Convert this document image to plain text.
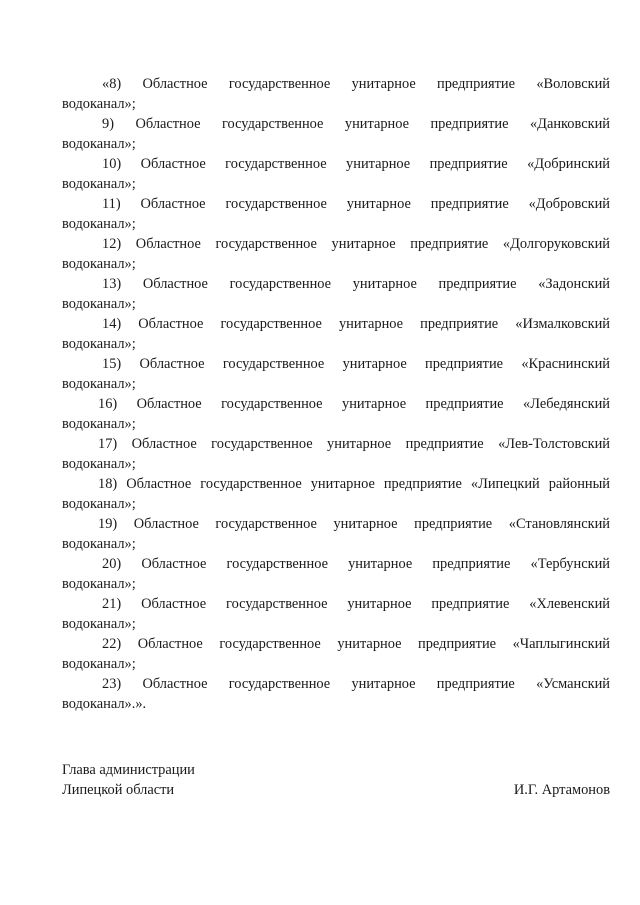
«8) Областное государственное унитарное предприятие «Воловский
водоканал»;
9) Областное государственное унитарное предприятие «Данковский
водоканал»;
10) Областное государственное унитарное предприятие «Добринский
водоканал»;
11) Областное государственное унитарное предприятие «Добровский
водоканал»;
12) Областное государственное унитарное предприятие «Долгоруковский
водоканал»;
13) Областное государственное унитарное предприятие «Задонский
водоканал»;
14) Областное государственное унитарное предприятие «Измалковский
водоканал»;
15) Областное государственное унитарное предприятие «Краснинский
водоканал»;
16) Областное государственное унитарное предприятие «Лебедянский
водоканал»;
17) Областное государственное унитарное предприятие «Лев-Толстовский
водоканал»;
18) Областное государственное унитарное предприятие «Липецкий районный
водоканал»;
19) Областное государственное унитарное предприятие «Становлянский
водоканал»;
20) Областное государственное унитарное предприятие «Тербунский
водоканал»;
21) Областное государственное унитарное предприятие «Хлевенский
водоканал»;
22) Областное государственное унитарное предприятие «Чаплыгинский
водоканал»;
23) Областное государственное унитарное предприятие «Усманский
водоканал».».
Глава администрации
Липецкой области	И.Г. Артамонов
